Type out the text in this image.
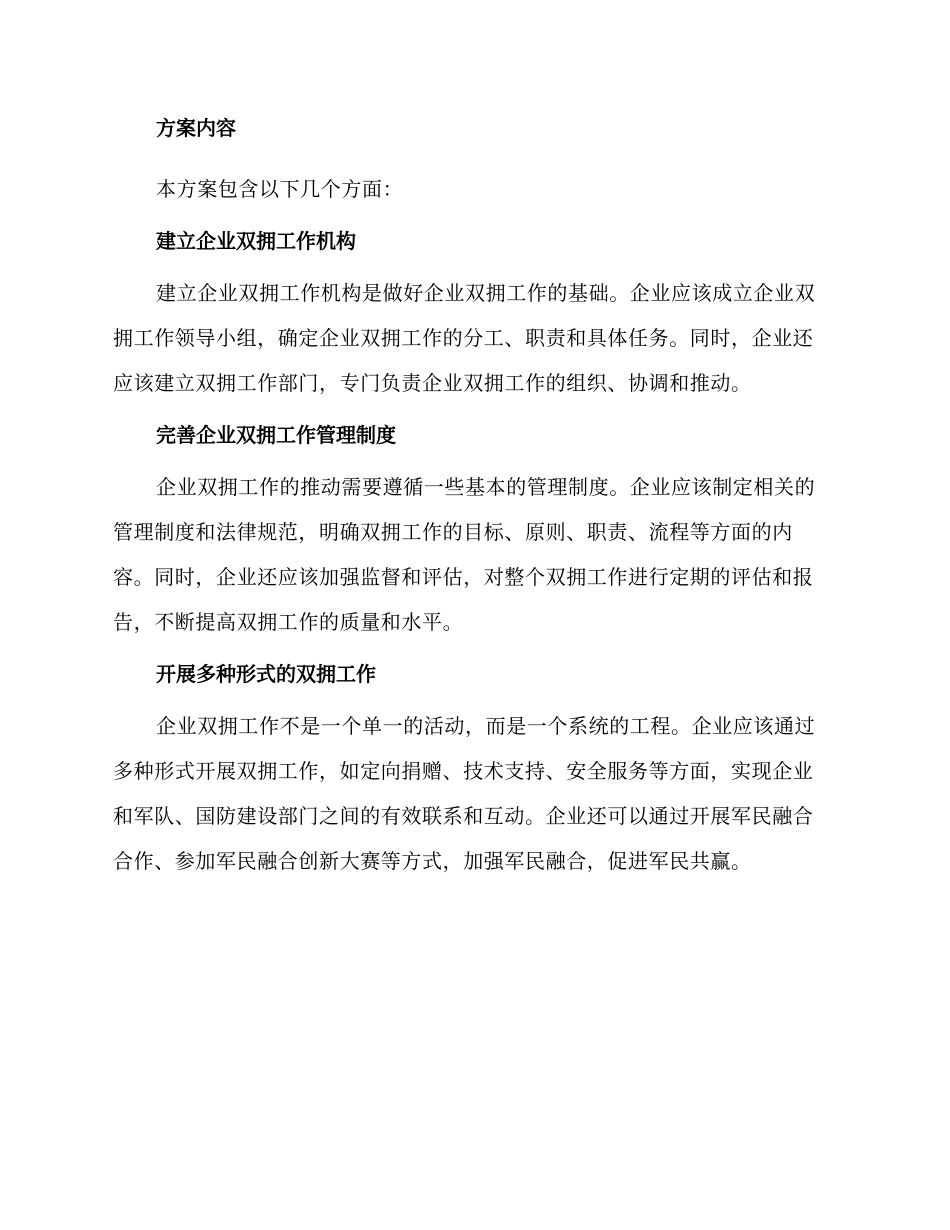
方案内容

本方案包含以下几个方面：

建立企业双拥工作机构

建立企业双拥工作机构是做好企业双拥工作的基础。企业应该成立企业双拥工作领导小组，确定企业双拥工作的分工、职责和具体任务。同时，企业还应该建立双拥工作部门，专门负责企业双拥工作的组织、协调和推动。

完善企业双拥工作管理制度

企业双拥工作的推动需要遵循一些基本的管理制度。企业应该制定相关的管理制度和法律规范，明确双拥工作的目标、原则、职责、流程等方面的内容。同时，企业还应该加强监督和评估，对整个双拥工作进行定期的评估和报告，不断提高双拥工作的质量和水平。

开展多种形式的双拥工作

企业双拥工作不是一个单一的活动，而是一个系统的工程。企业应该通过多种形式开展双拥工作，如定向捐赠、技术支持、安全服务等方面，实现企业和军队、国防建设部门之间的有效联系和互动。企业还可以通过开展军民融合合作、参加军民融合创新大赛等方式，加强军民融合，促进军民共赢。
